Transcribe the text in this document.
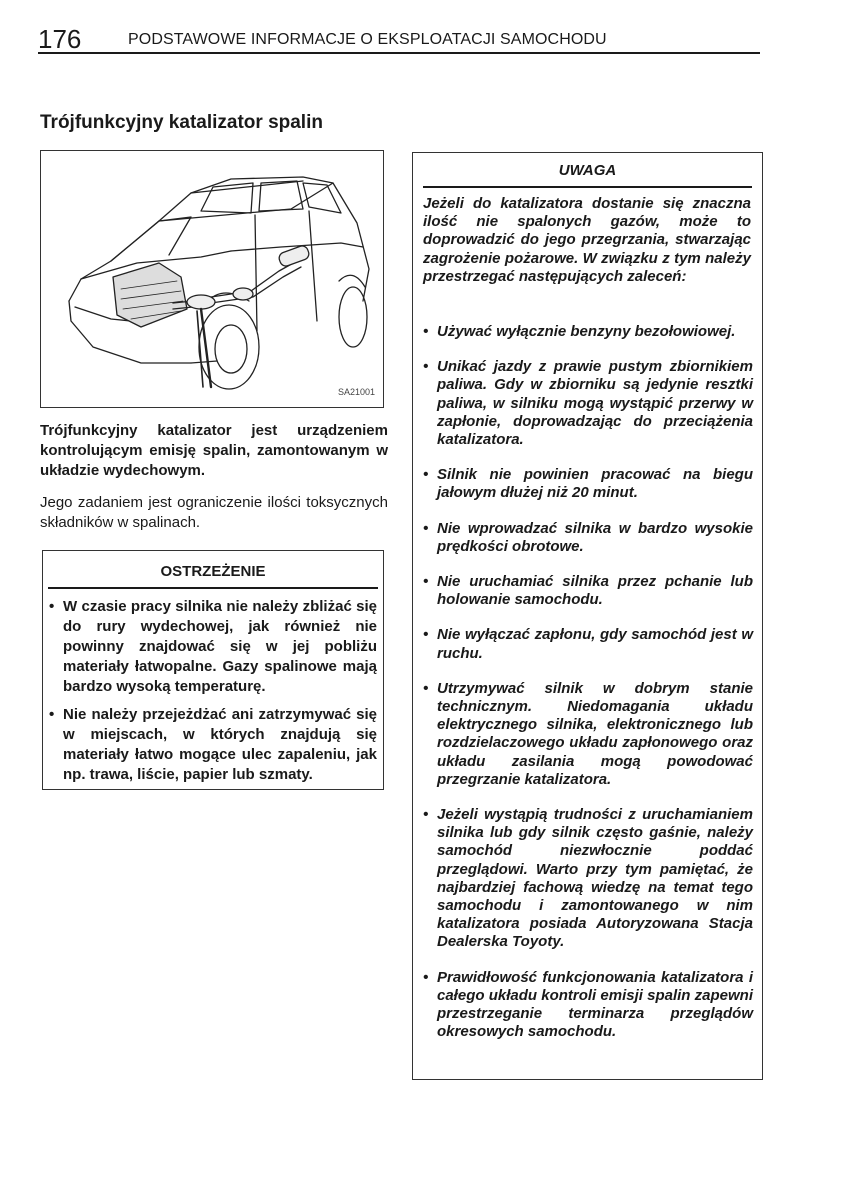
176	PODSTAWOWE INFORMACJE O EKSPLOATACJI SAMOCHODU
Trójfunkcyjny katalizator spalin
SA21001
Trójfunkcyjny katalizator jest urządzeniem kontrolującym emisję spalin, zamontowanym w układzie wydechowym.
Jego zadaniem jest ograniczenie ilości toksycznych składników w spalinach.
OSTRZEŻENIE
• W czasie pracy silnika nie należy zbliżać się do rury wydechowej, jak również nie powinny znajdować się w jej pobliżu materiały łatwopalne. Gazy spalinowe mają bardzo wysoką temperaturę.
• Nie należy przejeżdżać ani zatrzymywać się w miejscach, w których znajdują się materiały łatwo mogące ulec zapaleniu, jak np. trawa, liście, papier lub szmaty.
UWAGA
Jeżeli do katalizatora dostanie się znaczna ilość nie spalonych gazów, może to doprowadzić do jego przegrzania, stwarzając zagrożenie pożarowe. W związku z tym należy przestrzegać następujących zaleceń:
• Używać wyłącznie benzyny bezołowiowej.
• Unikać jazdy z prawie pustym zbiornikiem paliwa. Gdy w zbiorniku są jedynie resztki paliwa, w silniku mogą wystąpić przerwy w zapłonie, doprowadzając do przeciążenia katalizatora.
• Silnik nie powinien pracować na biegu jałowym dłużej niż 20 minut.
• Nie wprowadzać silnika w bardzo wysokie prędkości obrotowe.
• Nie uruchamiać silnika przez pchanie lub holowanie samochodu.
• Nie wyłączać zapłonu, gdy samochód jest w ruchu.
• Utrzymywać silnik w dobrym stanie technicznym. Niedomagania układu elektrycznego silnika, elektronicznego lub rozdzielaczowego układu zapłonowego oraz układu zasilania mogą powodować przegrzanie katalizatora.
• Jeżeli wystąpią trudności z uruchamianiem silnika lub gdy silnik często gaśnie, należy samochód niezwłocznie poddać przeglądowi. Warto przy tym pamiętać, że najbardziej fachową wiedzę na temat tego samochodu i zamontowanego w nim katalizatora posiada Autoryzowana Stacja Dealerska Toyoty.
• Prawidłowość funkcjonowania katalizatora i całego układu kontroli emisji spalin zapewni przestrzeganie terminarza przeglądów okresowych samochodu.
